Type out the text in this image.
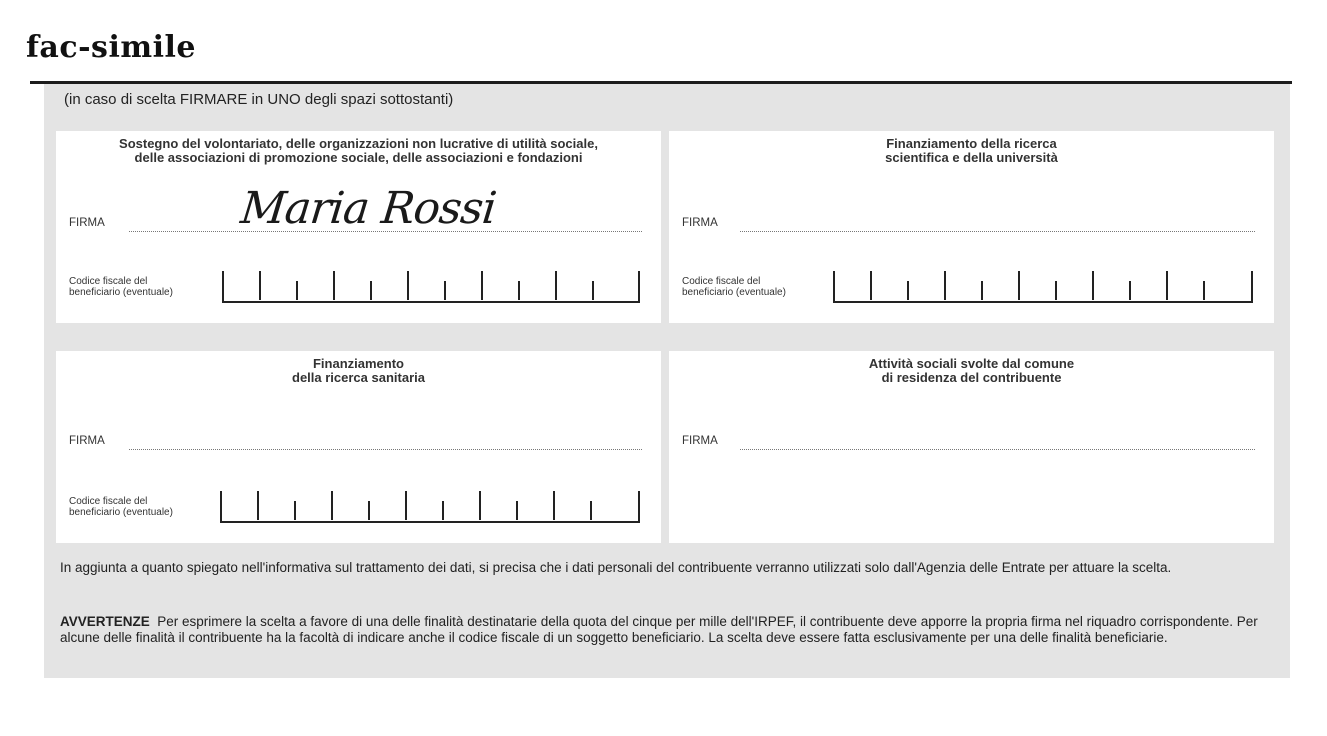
fac-simile
(in caso di scelta FIRMARE in UNO degli spazi sottostanti)
Sostegno del volontariato, delle organizzazioni non lucrative di utilità sociale,
delle associazioni di promozione sociale, delle associazioni e fondazioni
FIRMA	Maria Rossi
Codice fiscale del
beneficiario (eventuale)
Finanziamento della ricerca
scientifica e della università
FIRMA
Codice fiscale del
beneficiario (eventuale)
Finanziamento
della ricerca sanitaria
FIRMA
Codice fiscale del
beneficiario (eventuale)
Attività sociali svolte dal comune
di residenza del contribuente
FIRMA
In aggiunta a quanto spiegato nell'informativa sul trattamento dei dati, si precisa che i dati personali del contribuente verranno utilizzati solo dall'Agenzia delle Entrate per attuare la scelta.
AVVERTENZE Per esprimere la scelta a favore di una delle finalità destinatarie della quota del cinque per mille dell'IRPEF, il contribuente deve apporre la propria firma nel riquadro corrispondente. Per alcune delle finalità il contribuente ha la facoltà di indicare anche il codice fiscale di un soggetto beneficiario. La scelta deve essere fatta esclusivamente per una delle finalità beneficiarie.
